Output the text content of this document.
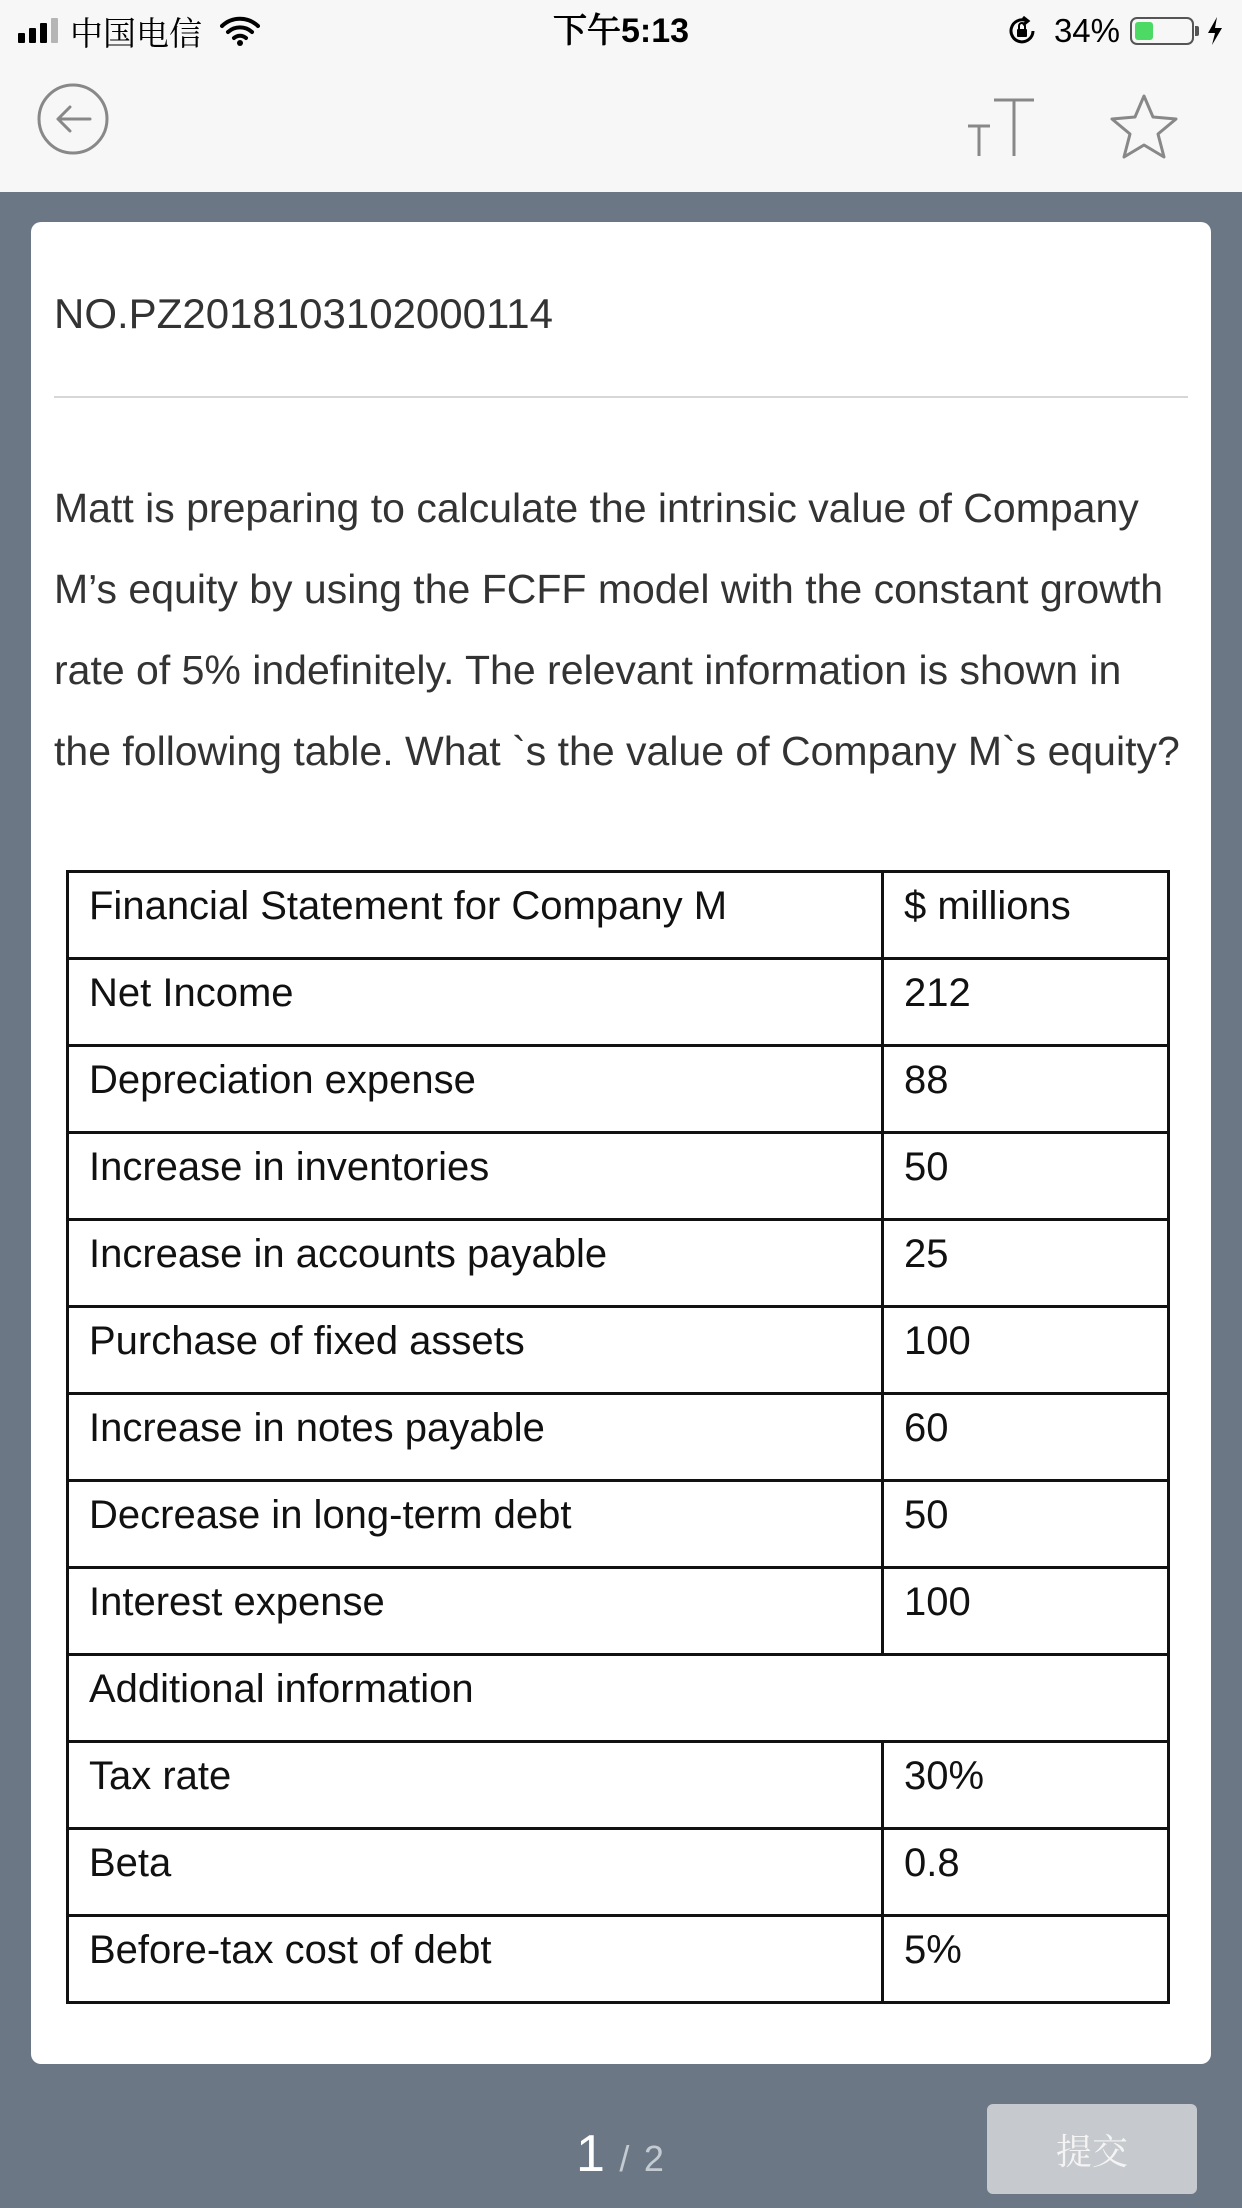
中国电信	下午5:13	34%
NO.PZ2018103102000114

Matt is preparing to calculate the intrinsic value of Company M’s equity by using the FCFF model with the constant growth rate of 5% indefinitely. The relevant information is shown in the following table. What `s the value of Company M`s equity?

Financial Statement for Company M	$ millions
Net Income	212
Depreciation expense	88
Increase in inventories	50
Increase in accounts payable	25
Purchase of fixed assets	100
Increase in notes payable	60
Decrease in long-term debt	50
Interest expense	100
Additional information	
Tax rate	30%
Beta	0.8
Before-tax cost of debt	5%
1 / 2	提交
